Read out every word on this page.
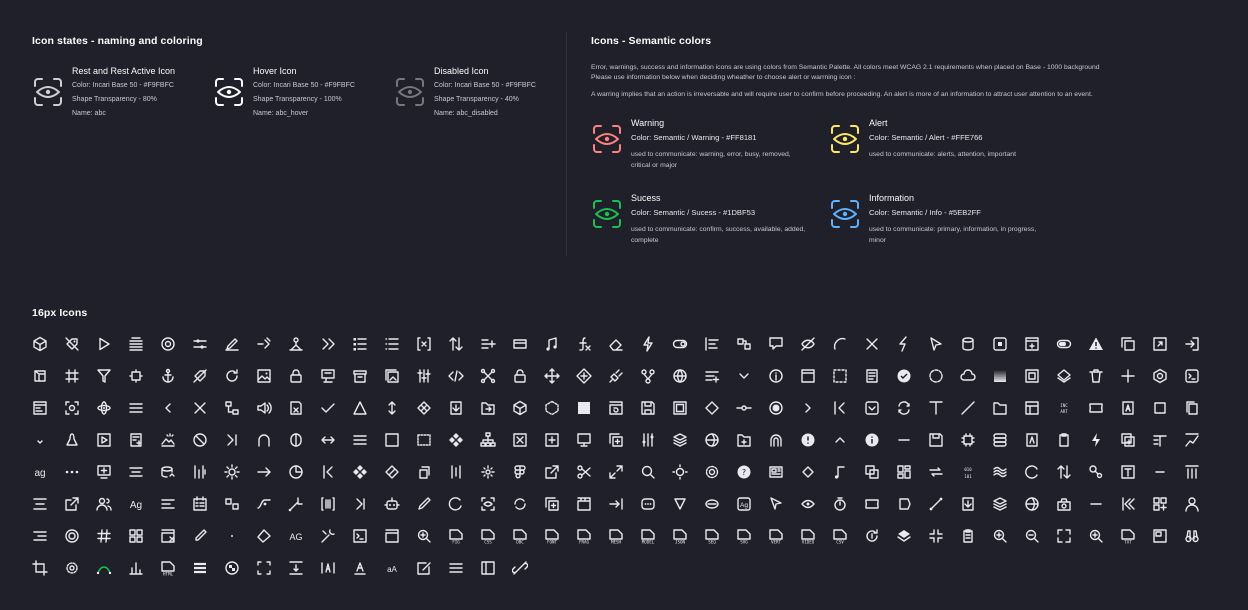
Icon states - naming and coloring	Icons - Semantic colors
Rest and Rest Active Icon
Color: Incari Base 50 - #F9FBFC
Shape Transparency - 80%
Name: abc
Hover Icon
Color: Incari Base 50 - #F9FBFC
Shape Transparency - 100%
Name: abc_hover
Disabled Icon
Color: Incari Base 50 - #F9FBFC
Shape Transparency - 40%
Name: abc_disabled
Error, warnings, success and information icons are using colors from Semantic Palette. All colors meet WCAG 2.1 requirements when placed on Base - 1000 background
Please use information below when deciding wheather to choose alert or warrning icon :
A warring implies that an action is irreversable and will require user to confirm before proceeding. An alert is more of an information to attract user attention to an event.
Warning
Color: Semantic / Warning - #FF8181
used to communicate: warning, error, busy, removed, critical or major
Alert
Color: Semantic / Alert - #FFE766
used to communicate: alerts, attention, important
Sucess
Color: Semantic / Sucess - #1DBF53
used to communicate: confirm, success, available, added, complete
Information
Color: Semantic / Info - #5EB2FF
used to communicate: primary, information, in progress, minor
16px Icons
INC
ART
ag	?	010
101
Ag	Ag
AG	FIG	CSS	DBC	FONT	FRAG	MESH	MODEL	JSON	SEQ	SVG	VERT	VIDEO	CSV	TXT
HTML	aA
